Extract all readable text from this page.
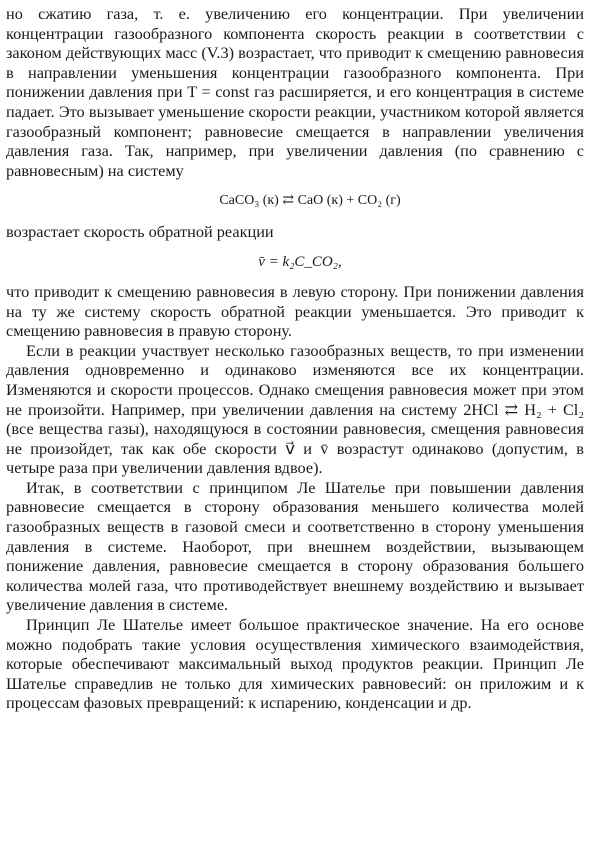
но сжатию газа, т. е. увеличению его концентрации. При увеличении концентрации газообразного компонента скорость реакции в соответствии с законом действующих масс (V.3) возрастает, что приводит к смещению равновесия в направлении уменьшения концентрации газообразного компонента. При понижении давления при T = const газ расширяется, и его концентрация в системе падает. Это вызывает уменьшение скорости реакции, участником которой является газообразный компонент; равновесие смещается в направлении увеличения давления газа. Так, например, при увеличении давления (по сравнению с равновесным) на систему

CaCO₃ (к) ⇄ CaO (к) + CO₂ (г)

возрастает скорость обратной реакции

v̄ = k₂C_CO₂,

что приводит к смещению равновесия в левую сторону. При понижении давления на ту же систему скорость обратной реакции уменьшается. Это приводит к смещению равновесия в правую сторону.

Если в реакции участвует несколько газообразных веществ, то при изменении давления одновременно и одинаково изменяются все их концентрации. Изменяются и скорости процессов. Однако смещения равновесия может при этом не произойти. Например, при увеличении давления на систему 2HCl ⇄ H₂ + Cl₂ (все вещества газы), находящуюся в состоянии равновесия, смещения равновесия не произойдет, так как обе скорости v⃗ и v̄ возрастут одинаково (допустим, в четыре раза при увеличении давления вдвое).

Итак, в соответствии с принципом Ле Шателье при повышении давления равновесие смещается в сторону образования меньшего количества молей газообразных веществ в газовой смеси и соответственно в сторону уменьшения давления в системе. Наоборот, при внешнем воздействии, вызывающем понижение давления, равновесие смещается в сторону образования большего количества молей газа, что противодействует внешнему воздействию и вызывает увеличение давления в системе.

Принцип Ле Шателье имеет большое практическое значение. На его основе можно подобрать такие условия осуществления химического взаимодействия, которые обеспечивают максимальный выход продуктов реакции. Принцип Ле Шателье справедлив не только для химических равновесий: он приложим и к процессам фазовых превращений: к испарению, конденсации и др.
